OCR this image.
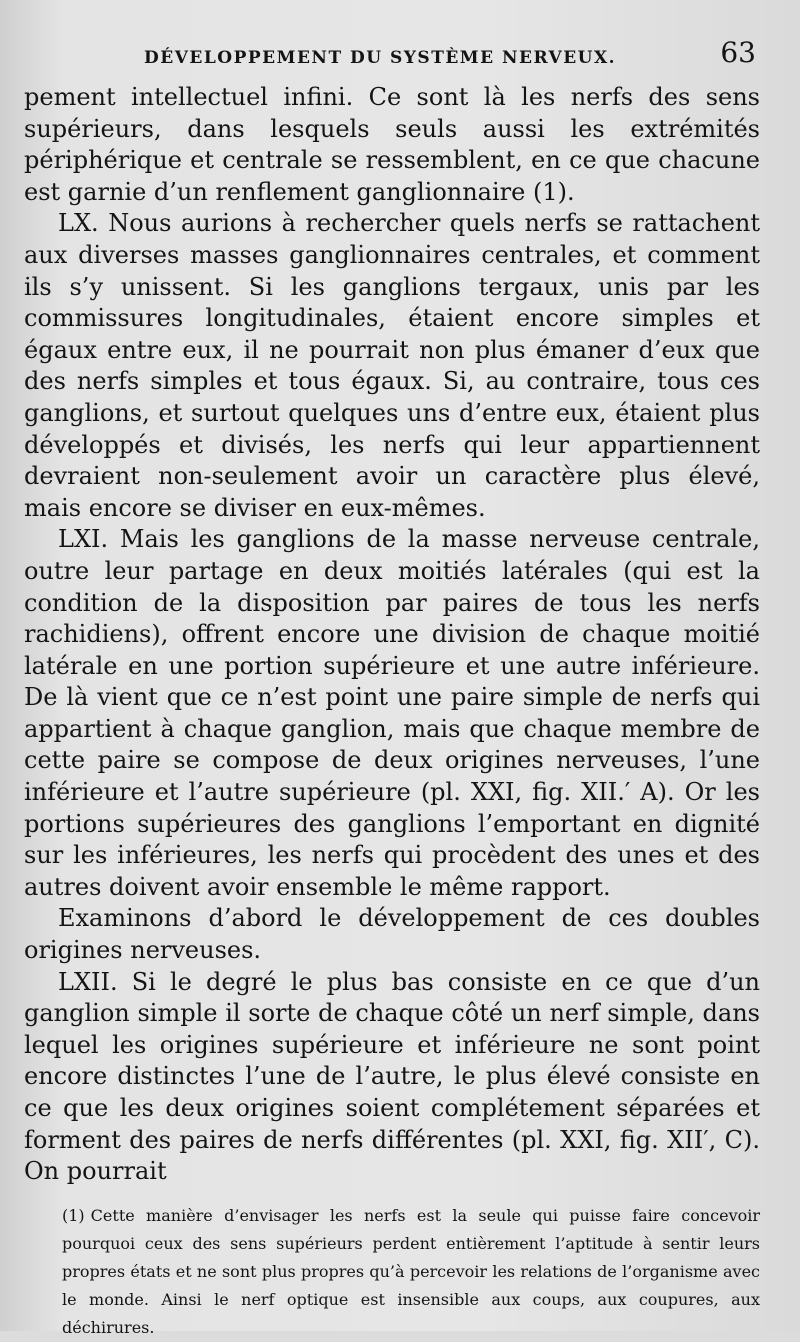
DÉVELOPPEMENT DU SYSTÈME NERVEUX.	63

pement intellectuel infini. Ce sont là les nerfs des sens supérieurs, dans lesquels seuls aussi les extrémités périphérique et centrale se ressemblent, en ce que chacune est garnie d’un renflement ganglionnaire (1).

LX. Nous aurions à rechercher quels nerfs se rattachent aux diverses masses ganglionnaires centrales, et comment ils s’y unissent. Si les ganglions tergaux, unis par les commissures longitudinales, étaient encore simples et égaux entre eux, il ne pourrait non plus émaner d’eux que des nerfs simples et tous égaux. Si, au contraire, tous ces ganglions, et surtout quelques uns d’entre eux, étaient plus développés et divisés, les nerfs qui leur appartiennent devraient non-seulement avoir un caractère plus élevé, mais encore se diviser en eux-mêmes.

LXI. Mais les ganglions de la masse nerveuse centrale, outre leur partage en deux moitiés latérales (qui est la condition de la disposition par paires de tous les nerfs rachidiens), offrent encore une division de chaque moitié latérale en une portion supérieure et une autre inférieure. De là vient que ce n’est point une paire simple de nerfs qui appartient à chaque ganglion, mais que chaque membre de cette paire se compose de deux origines nerveuses, l’une inférieure et l’autre supérieure (pl. XXI, fig. XII.′ A). Or les portions supérieures des ganglions l’emportant en dignité sur les inférieures, les nerfs qui procèdent des unes et des autres doivent avoir ensemble le même rapport.

Examinons d’abord le développement de ces doubles origines nerveuses.

LXII. Si le degré le plus bas consiste en ce que d’un ganglion simple il sorte de chaque côté un nerf simple, dans lequel les origines supérieure et inférieure ne sont point encore distinctes l’une de l’autre, le plus élevé consiste en ce que les deux origines soient complétement séparées et forment des paires de nerfs différentes (pl. XXI, fig. XII′, C). On pourrait

(1) Cette manière d’envisager les nerfs est la seule qui puisse faire concevoir pourquoi ceux des sens supérieurs perdent entièrement l’aptitude à sentir leurs propres états et ne sont plus propres qu’à percevoir les relations de l’organisme avec le monde. Ainsi le nerf optique est insensible aux coups, aux coupures, aux déchirures.
